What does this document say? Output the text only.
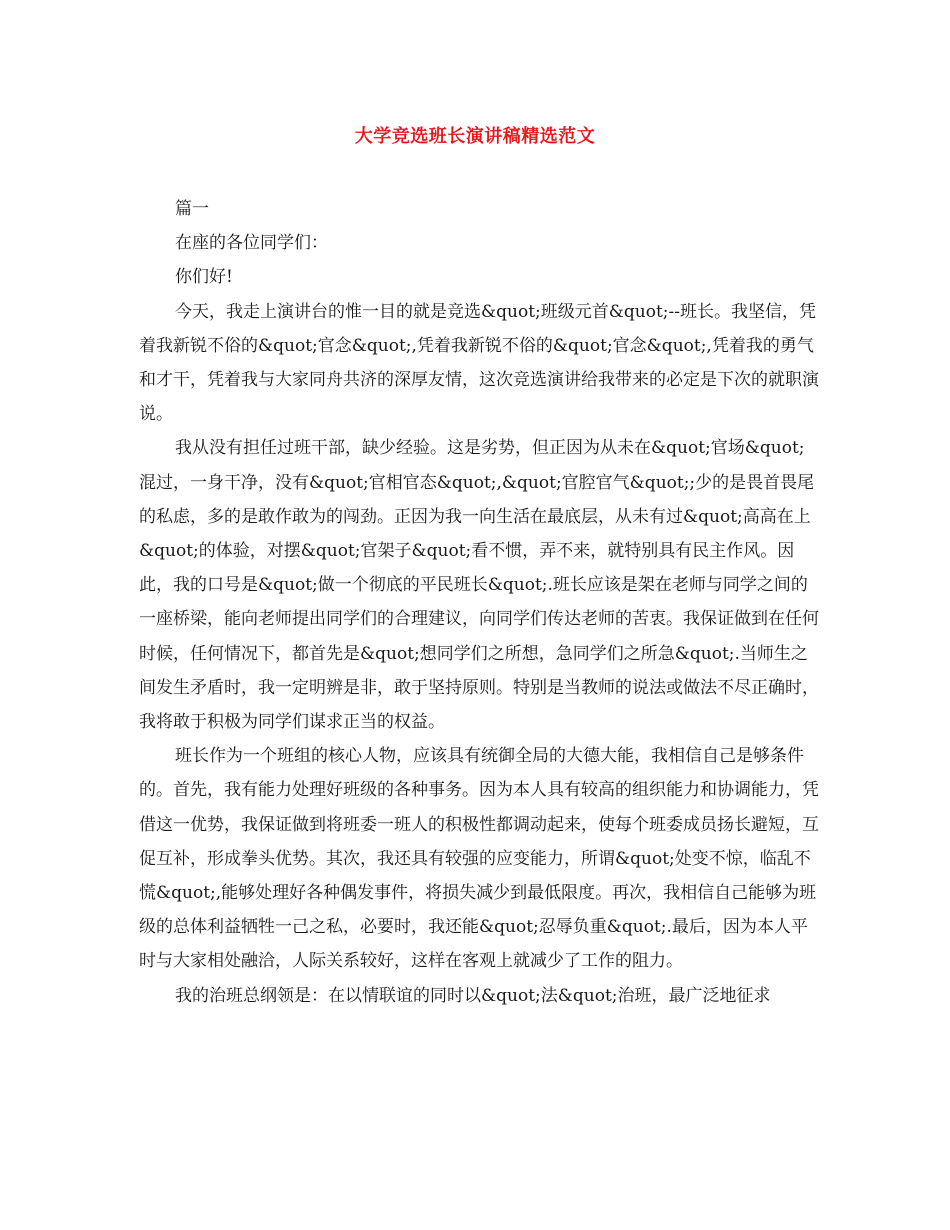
大学竞选班长演讲稿精选范文

篇一

在座的各位同学们：

你们好!

今天，我走上演讲台的惟一目的就是竞选&quot;班级元首&quot;--班长。我坚信，凭着我新锐不俗的&quot;官念&quot;,凭着我新锐不俗的&quot;官念&quot;,凭着我的勇气和才干，凭着我与大家同舟共济的深厚友情，这次竞选演讲给我带来的必定是下次的就职演说。

我从没有担任过班干部，缺少经验。这是劣势，但正因为从未在&quot;官场&quot;混过，一身干净，没有&quot;官相官态&quot;,&quot;官腔官气&quot;;少的是畏首畏尾的私虑，多的是敢作敢为的闯劲。正因为我一向生活在最底层，从未有过&quot;高高在上&quot;的体验，对摆&quot;官架子&quot;看不惯，弄不来，就特别具有民主作风。因此，我的口号是&quot;做一个彻底的平民班长&quot;.班长应该是架在老师与同学之间的一座桥梁，能向老师提出同学们的合理建议，向同学们传达老师的苦衷。我保证做到在任何时候，任何情况下，都首先是&quot;想同学们之所想，急同学们之所急&quot;.当师生之间发生矛盾时，我一定明辨是非，敢于坚持原则。特别是当教师的说法或做法不尽正确时，我将敢于积极为同学们谋求正当的权益。

班长作为一个班组的核心人物，应该具有统御全局的大德大能，我相信自己是够条件的。首先，我有能力处理好班级的各种事务。因为本人具有较高的组织能力和协调能力，凭借这一优势，我保证做到将班委一班人的积极性都调动起来，使每个班委成员扬长避短，互促互补，形成拳头优势。其次，我还具有较强的应变能力，所谓&quot;处变不惊，临乱不慌&quot;,能够处理好各种偶发事件，将损失减少到最低限度。再次，我相信自己能够为班级的总体利益牺牲一己之私，必要时，我还能&quot;忍辱负重&quot;.最后，因为本人平时与大家相处融洽，人际关系较好，这样在客观上就减少了工作的阻力。

我的治班总纲领是：在以情联谊的同时以&quot;法&quot;治班，最广泛地征求
